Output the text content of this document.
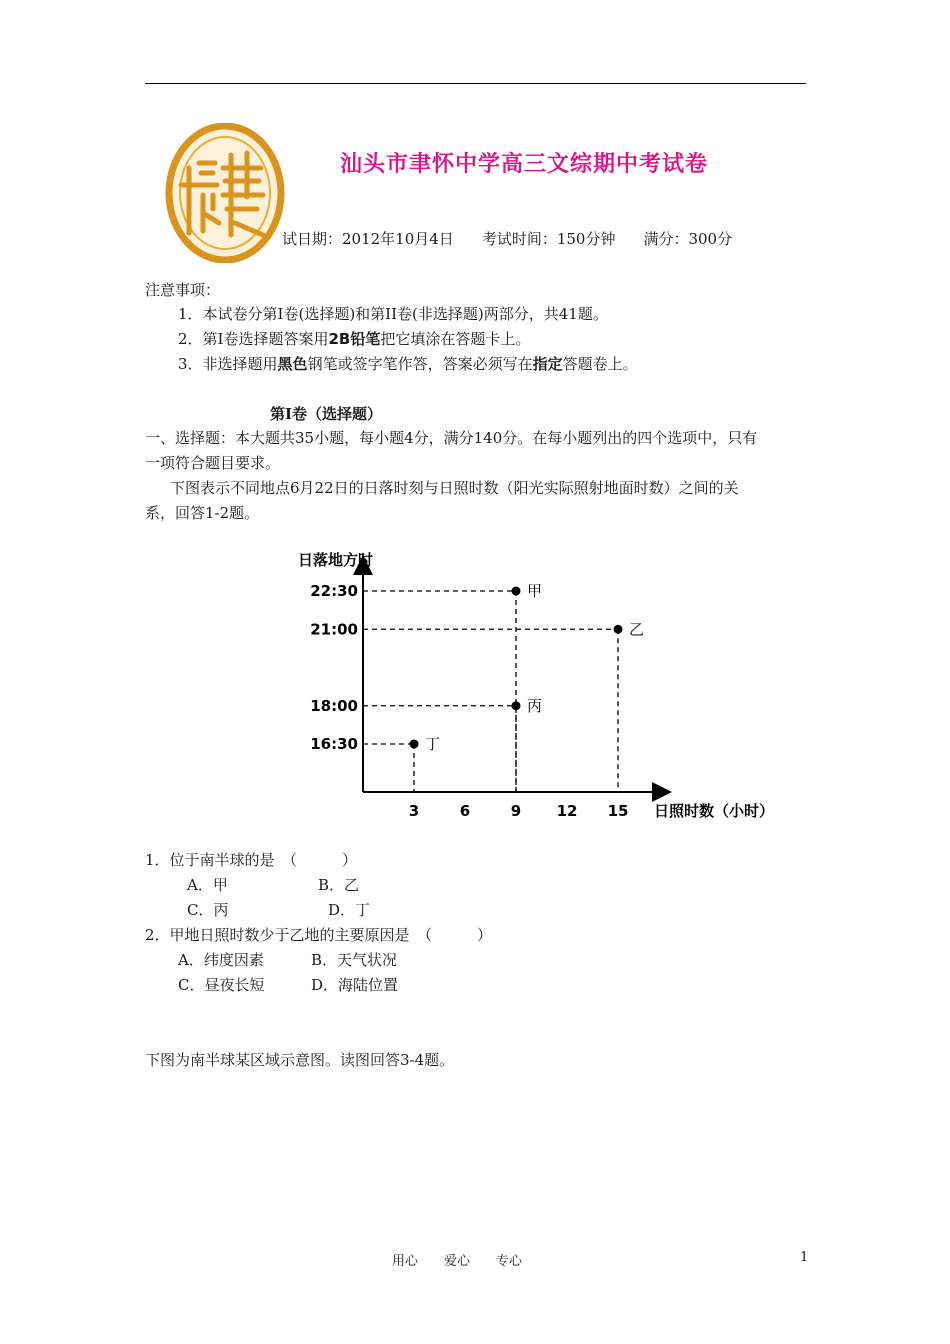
汕头市聿怀中学高三文综期中考试卷
试日期：2012年10月4日 考试时间：150分钟 满分：300分
注意事项：
1．本试卷分第Ⅰ卷(选择题)和第II卷(非选择题)两部分，共41题。
2．第Ⅰ卷选择题答案用2B铅笔把它填涂在答题卡上。
3．非选择题用黑色钢笔或签字笔作答，答案必须写在指定答题卷上。
第Ⅰ卷（选择题）
一、选择题：本大题共35小题，每小题4分，满分140分。在每小题列出的四个选项中，只有
一项符合题目要求。
下图表示不同地点6月22日的日落时刻与日照时数（阳光实际照射地面时数）之间的关
系，回答1-2题。
日落地方时
日照时数（小时）
3	6	9 12 15
16:30
18:00
21:00
22:30	甲
乙
丙
丁
1．位于南半球的是　（　　　）
A．甲	B．乙
C．丙	D．丁
2．甲地日照时数少于乙地的主要原因是　（　　　）
A．纬度因素	B．天气状况
C．昼夜长短	D．海陆位置
下图为南半球某区域示意图。读图回答3-4题。
用心 爱心 专心	1
